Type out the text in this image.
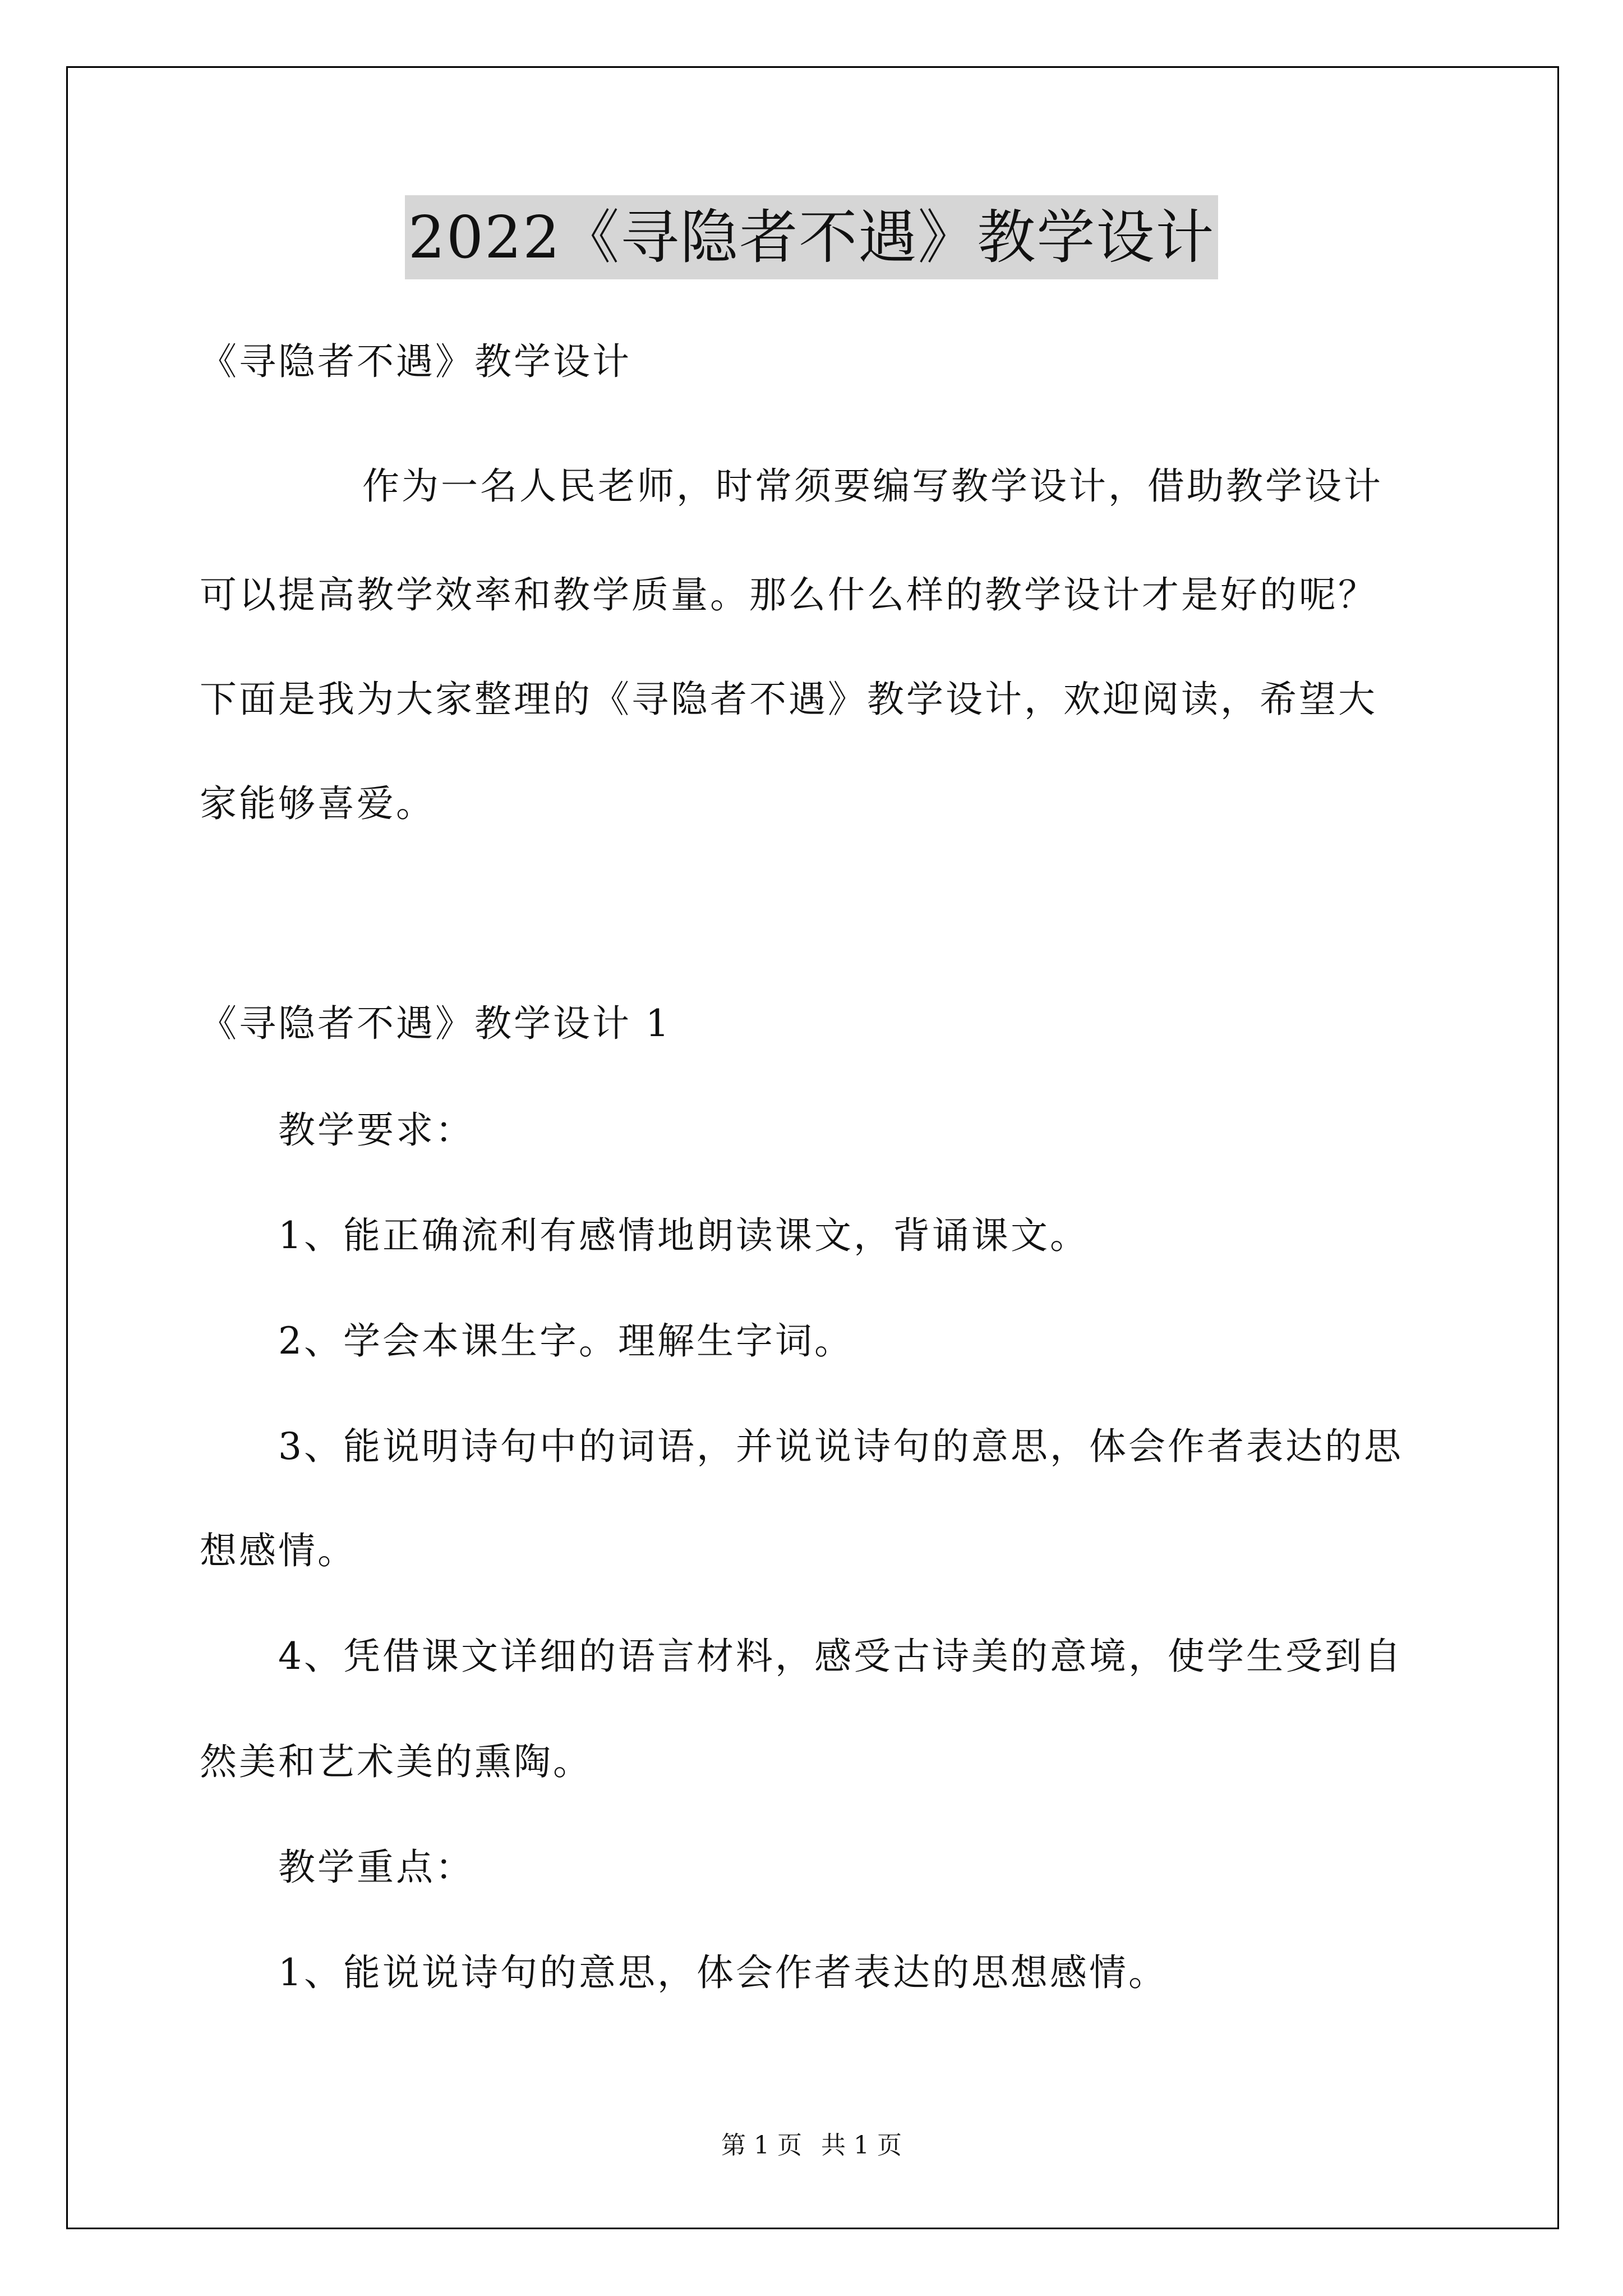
2022《寻隐者不遇》教学设计
《寻隐者不遇》教学设计
作为一名人民老师，时常须要编写教学设计，借助教学设计
可以提高教学效率和教学质量。那么什么样的教学设计才是好的呢？
下面是我为大家整理的《寻隐者不遇》教学设计，欢迎阅读，希望大
家能够喜爱。
《寻隐者不遇》教学设计 1
教学要求：
1、能正确流利有感情地朗读课文，背诵课文。
2、学会本课生字。理解生字词。
3、能说明诗句中的词语，并说说诗句的意思，体会作者表达的思
想感情。
4、凭借课文详细的语言材料，感受古诗美的意境，使学生受到自
然美和艺术美的熏陶。
教学重点：
1、能说说诗句的意思，体会作者表达的思想感情。
第 1 页 共 1 页
